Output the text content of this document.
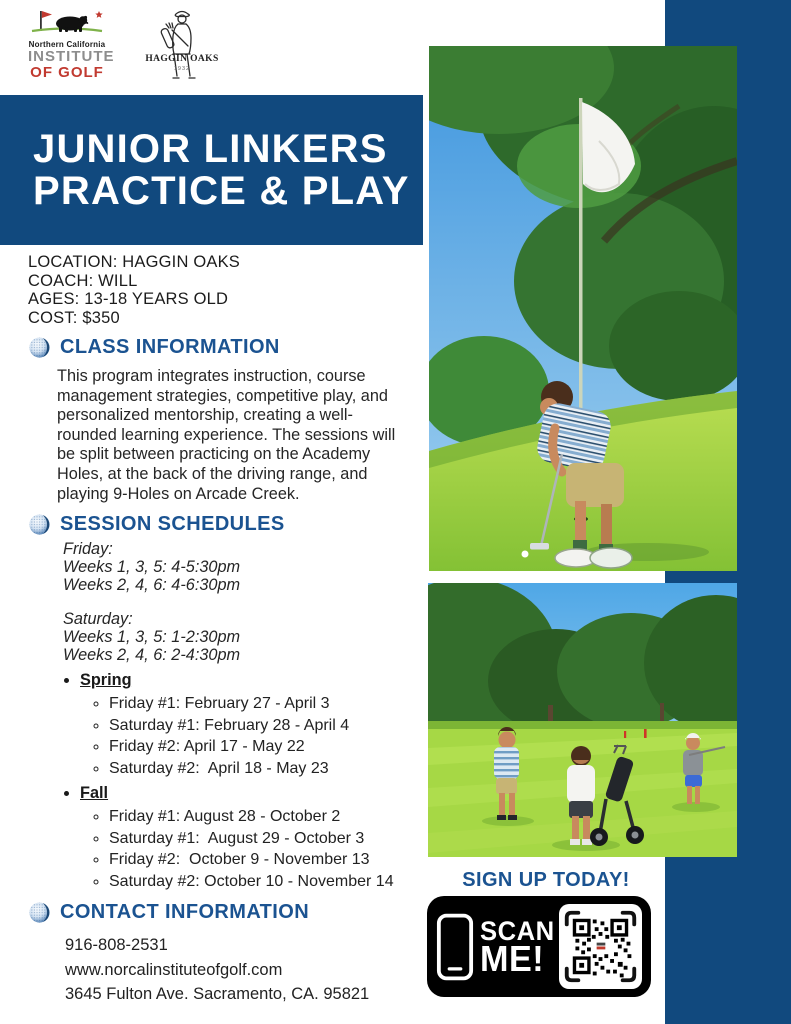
Northern California
INSTITUTE
OF GOLF
HAGGIN OAKS
1932
JUNIOR LINKERS
PRACTICE & PLAY
LOCATION: HAGGIN OAKS
COACH: WILL
AGES: 13-18 YEARS OLD
COST: $350
CLASS INFORMATION
This program integrates instruction, course management strategies, competitive play, and personalized mentorship, creating a well-rounded learning experience. The sessions will be split between practicing on the Academy Holes, at the back of the driving range, and playing 9-Holes on Arcade Creek.
SESSION SCHEDULES
Friday:
Weeks 1, 3, 5: 4-5:30pm
Weeks 2, 4, 6: 4-6:30pm
Saturday:
Weeks 1, 3, 5: 1-2:30pm
Weeks 2, 4, 6: 2-4:30pm
• Spring
◦ Friday #1: February 27 - April 3
◦ Saturday #1: February 28 - April 4
◦ Friday #2: April 17 - May 22
◦ Saturday #2:  April 18 - May 23
• Fall
◦ Friday #1: August 28 - October 2
◦ Saturday #1:  August 29 - October 3
◦ Friday #2:  October 9 - November 13
◦ Saturday #2: October 10 - November 14
CONTACT INFORMATION
916-808-2531
www.norcalinstituteofgolf.com
3645 Fulton Ave. Sacramento, CA. 95821
SIGN UP TODAY!
SCAN
ME!
